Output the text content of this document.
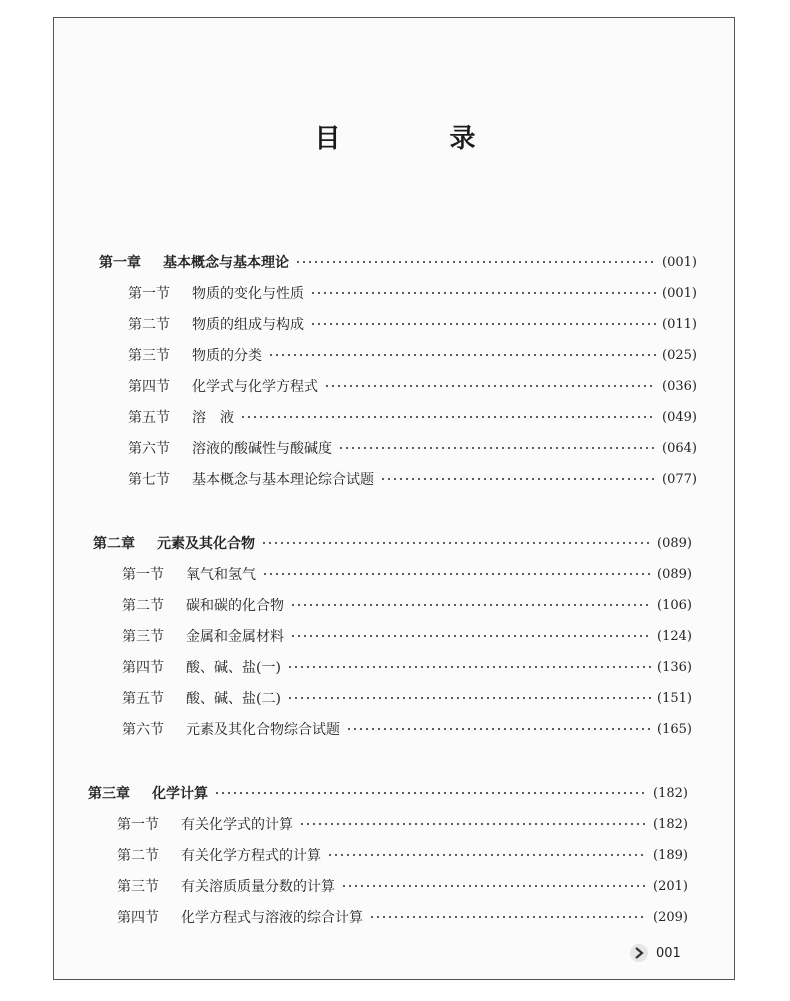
目 录
第一章 基本概念与基本理论	(001)
第一节 物质的变化与性质	(001)
第二节 物质的组成与构成	(011)
第三节 物质的分类	(025)
第四节 化学式与化学方程式	(036)
第五节 溶　液	(049)
第六节 溶液的酸碱性与酸碱度	(064)
第七节 基本概念与基本理论综合试题	(077)
第二章 元素及其化合物	(089)
第一节 氧气和氢气	(089)
第二节 碳和碳的化合物	(106)
第三节 金属和金属材料	(124)
第四节 酸、碱、盐(一)	(136)
第五节 酸、碱、盐(二)	(151)
第六节 元素及其化合物综合试题	(165)
第三章 化学计算	(182)
第一节 有关化学式的计算	(182)
第二节 有关化学方程式的计算	(189)
第三节 有关溶质质量分数的计算	(201)
第四节 化学方程式与溶液的综合计算	(209)
001
